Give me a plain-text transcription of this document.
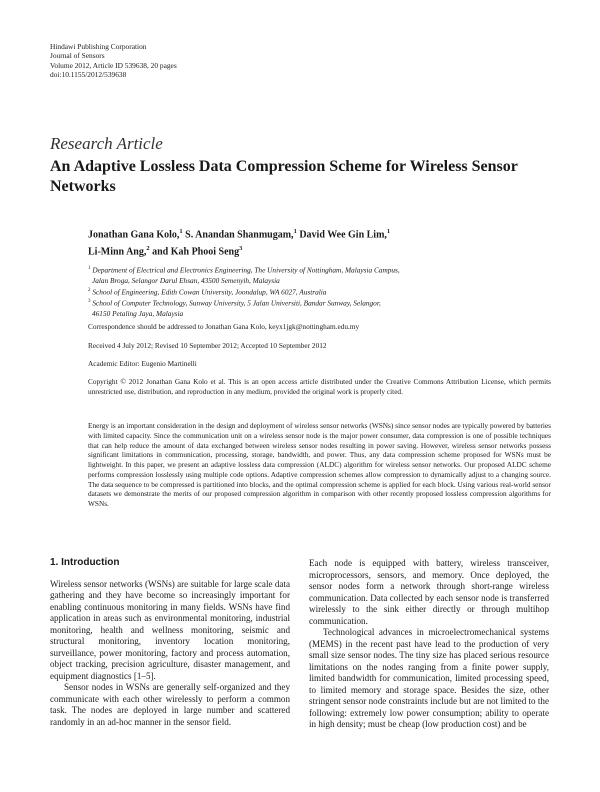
Hindawi Publishing Corporation
Journal of Sensors
Volume 2012, Article ID 539638, 20 pages
doi:10.1155/2012/539638
Research Article
An Adaptive Lossless Data Compression Scheme for Wireless Sensor Networks
Jonathan Gana Kolo,$^1$ S. Anandan Shanmugam,$^1$ David Wee Gin Lim,$^1$
Li-Minn Ang,$^2$ and Kah Phooi Seng$^3$
$^1$ Department of Electrical and Electronics Engineering, The University of Nottingham, Malaysia Campus,
Jalan Broga, Selangor Darul Ehsan, 43500 Semenyih, Malaysia
$^2$ School of Engineering, Edith Cowan University, Joondalup, WA 6027, Australia
$^3$ School of Computer Technology, Sunway University, 5 Jalan Universiti, Bandar Sunway, Selangor,
46150 Petaling Jaya, Malaysia
Correspondence should be addressed to Jonathan Gana Kolo, keyx1jgk@nottingham.edu.my
Received 4 July 2012; Revised 10 September 2012; Accepted 10 September 2012
Academic Editor: Eugenio Martinelli
Copyright © 2012 Jonathan Gana Kolo et al. This is an open access article distributed under the Creative Commons Attribution License, which permits unrestricted use, distribution, and reproduction in any medium, provided the original work is properly cited.
Energy is an important consideration in the design and deployment of wireless sensor networks (WSNs) since sensor nodes are typically powered by batteries with limited capacity. Since the communication unit on a wireless sensor node is the major power consumer, data compression is one of possible techniques that can help reduce the amount of data exchanged between wireless sensor nodes resulting in power saving. However, wireless sensor networks possess significant limitations in communication, processing, storage, bandwidth, and power. Thus, any data compression scheme proposed for WSNs must be lightweight. In this paper, we present an adaptive lossless data compression (ALDC) algorithm for wireless sensor networks. Our proposed ALDC scheme performs compression losslessly using multiple code options. Adaptive compression schemes allow compression to dynamically adjust to a changing source. The data sequence to be compressed is partitioned into blocks, and the optimal compression scheme is applied for each block. Using various real-world sensor datasets we demonstrate the merits of our proposed compression algorithm in comparison with other recently proposed lossless compression algorithms for WSNs.
1. Introduction

Wireless sensor networks (WSNs) are suitable for large scale data gathering and they have become so increasingly important for enabling continuous monitoring in many fields. WSNs have find application in areas such as environmental monitoring, industrial monitoring, health and wellness monitoring, seismic and structural monitoring, inventory location monitoring, surveillance, power monitoring, factory and process automation, object tracking, precision agriculture, disaster management, and equipment diagnostics [1–5].

Sensor nodes in WSNs are generally self-organized and they communicate with each other wirelessly to perform a common task. The nodes are deployed in large number and scattered randomly in an ad-hoc manner in the sensor field.

Each node is equipped with battery, wireless transceiver, microprocessors, sensors, and memory. Once deployed, the sensor nodes form a network through short-range wireless communication. Data collected by each sensor node is transferred wirelessly to the sink either directly or through multihop communication.

Technological advances in microelectromechanical systems (MEMS) in the recent past have lead to the production of very small size sensor nodes. The tiny size has placed serious resource limitations on the nodes ranging from a finite power supply, limited bandwidth for communication, limited processing speed, to limited memory and storage space. Besides the size, other stringent sensor node constraints include but are not limited to the following: extremely low power consumption; ability to operate in high density; must be cheap (low production cost) and be
